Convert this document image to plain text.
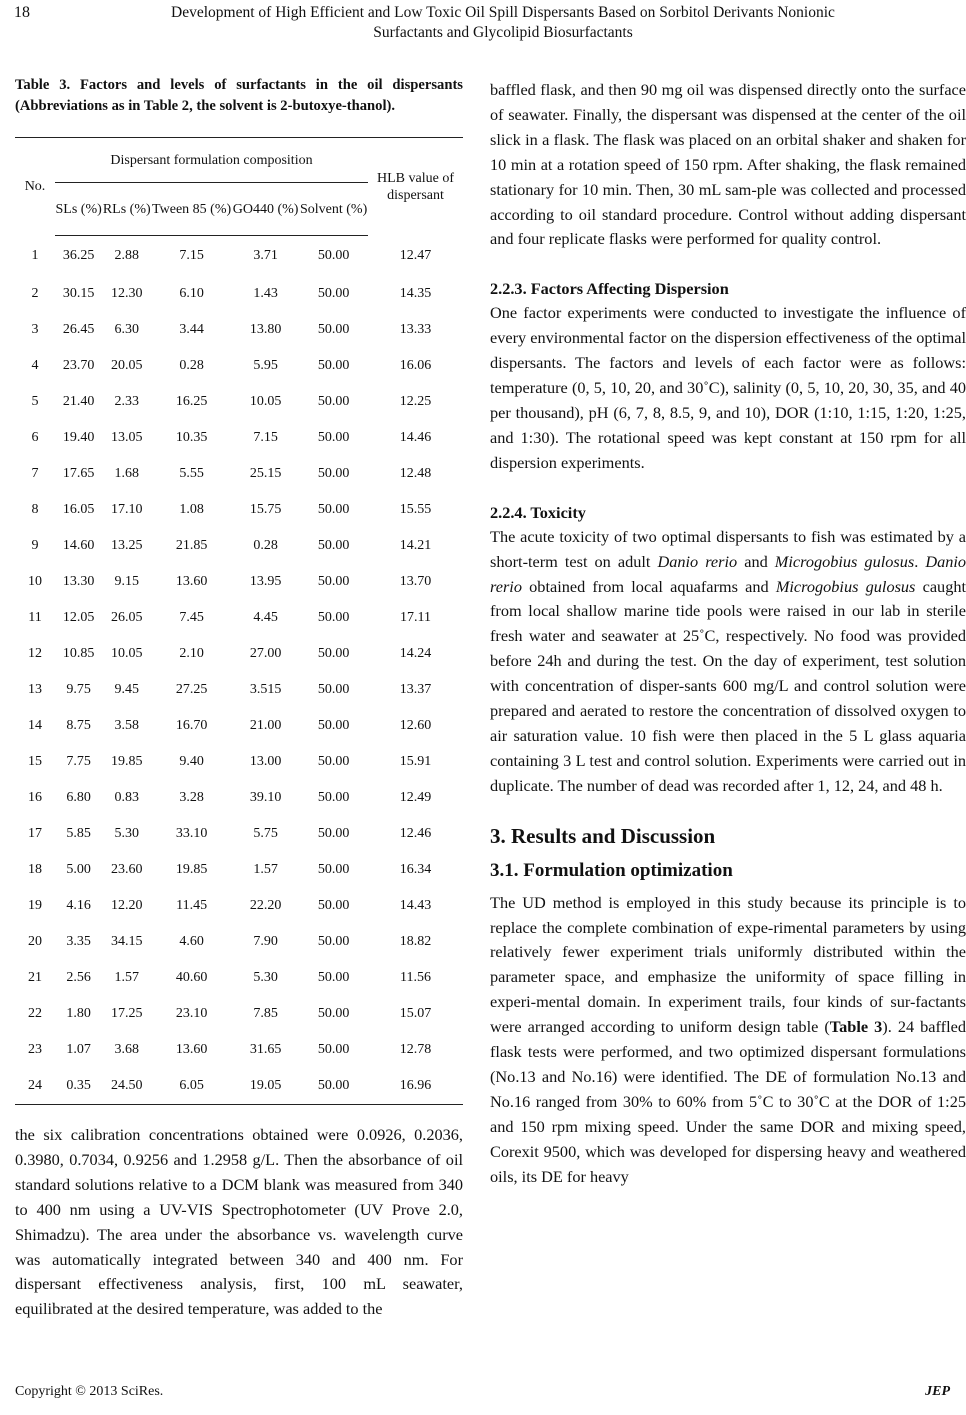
18	Development of High Efficient and Low Toxic Oil Spill Dispersants Based on Sorbitol Derivants Nonionic
Surfactants and Glycolipid Biosurfactants
Table 3. Factors and levels of surfactants in the oil dispersants (Abbreviations as in Table 2, the solvent is 2-butoxye-thanol).
No.	Dispersant formulation composition					HLB value of dispersant
	SLs (%)	RLs (%)	Tween 85 (%)	GO440 (%)	Solvent (%)	
1	36.25	2.88	7.15	3.71	50.00	12.47
2	30.15	12.30	6.10	1.43	50.00	14.35
3	26.45	6.30	3.44	13.80	50.00	13.33
4	23.70	20.05	0.28	5.95	50.00	16.06
5	21.40	2.33	16.25	10.05	50.00	12.25
6	19.40	13.05	10.35	7.15	50.00	14.46
7	17.65	1.68	5.55	25.15	50.00	12.48
8	16.05	17.10	1.08	15.75	50.00	15.55
9	14.60	13.25	21.85	0.28	50.00	14.21
10	13.30	9.15	13.60	13.95	50.00	13.70
11	12.05	26.05	7.45	4.45	50.00	17.11
12	10.85	10.05	2.10	27.00	50.00	14.24
13	9.75	9.45	27.25	3.515	50.00	13.37
14	8.75	3.58	16.70	21.00	50.00	12.60
15	7.75	19.85	9.40	13.00	50.00	15.91
16	6.80	0.83	3.28	39.10	50.00	12.49
17	5.85	5.30	33.10	5.75	50.00	12.46
18	5.00	23.60	19.85	1.57	50.00	16.34
19	4.16	12.20	11.45	22.20	50.00	14.43
20	3.35	34.15	4.60	7.90	50.00	18.82
21	2.56	1.57	40.60	5.30	50.00	11.56
22	1.80	17.25	23.10	7.85	50.00	15.07
23	1.07	3.68	13.60	31.65	50.00	12.78
24	0.35	24.50	6.05	19.05	50.00	16.96

the six calibration concentrations obtained were 0.0926, 0.2036, 0.3980, 0.7034, 0.9256 and 1.2958 g/L. Then the absorbance of oil standard solutions relative to a DCM blank was measured from 340 to 400 nm using a UV-VIS Spectrophotometer (UV Prove 2.0, Shimadzu). The area under the absorbance vs. wavelength curve was automatically integrated between 340 and 400 nm. For dispersant effectiveness analysis, first, 100 mL seawater, equilibrated at the desired temperature, was added to the

baffled flask, and then 90 mg oil was dispensed directly onto the surface of seawater. Finally, the dispersant was dispensed at the center of the oil slick in a flask. The flask was placed on an orbital shaker and shaken for 10 min at a rotation speed of 150 rpm. After shaking, the flask remained stationary for 10 min. Then, 30 mL sam-ple was collected and processed according to oil standard procedure. Control without adding dispersant and four replicate flasks were performed for quality control.

2.2.3. Factors Affecting Dispersion

One factor experiments were conducted to investigate the influence of every environmental factor on the dispersion effectiveness of the optimal dispersants. The factors and levels of each factor were as follows: temperature (0, 5, 10, 20, and 30˚C), salinity (0, 5, 10, 20, 30, 35, and 40 per thousand), pH (6, 7, 8, 8.5, 9, and 10), DOR (1:10, 1:15, 1:20, 1:25, and 1:30). The rotational speed was kept constant at 150 rpm for all dispersion experiments.

2.2.4. Toxicity

The acute toxicity of two optimal dispersants to fish was estimated by a short-term test on adult Danio rerio and Microgobius gulosus. Danio rerio obtained from local aquafarms and Microgobius gulosus caught from local shallow marine tide pools were raised in our lab in sterile fresh water and seawater at 25˚C, respectively. No food was provided before 24h and during the test. On the day of experiment, test solution with concentration of disper-sants 600 mg/L and control solution were prepared and aerated to restore the concentration of dissolved oxygen to air saturation value. 10 fish were then placed in the 5 L glass aquaria containing 3 L test and control solution. Experiments were carried out in duplicate. The number of dead was recorded after 1, 12, 24, and 48 h.

3. Results and Discussion
3.1. Formulation optimization

The UD method is employed in this study because its principle is to replace the complete combination of expe-rimental parameters by using relatively fewer experiment trials uniformly distributed within the parameter space, and emphasize the uniformity of space filling in experi-mental domain. In experiment trails, four kinds of sur-factants were arranged according to uniform design table (Table 3). 24 baffled flask tests were performed, and two optimized dispersant formulations (No.13 and No.16) were identified. The DE of formulation No.13 and No.16 ranged from 30% to 60% from 5˚C to 30˚C at the DOR of 1:25 and 150 rpm mixing speed. Under the same DOR and mixing speed, Corexit 9500, which was developed for dispersing heavy and weathered oils, its DE for heavy

Copyright © 2013 SciRes.	JEP
